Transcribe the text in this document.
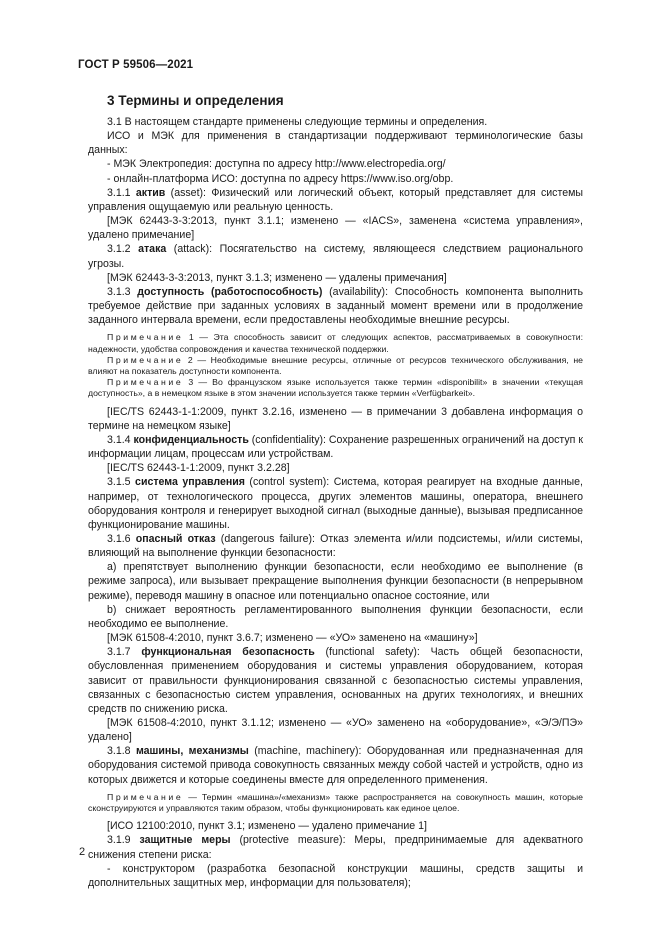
ГОСТ Р 59506—2021
3 Термины и определения

3.1 В настоящем стандарте применены следующие термины и определения.

ИСО и МЭК для применения в стандартизации поддерживают терминологические базы данных:

- МЭК Электропедия: доступна по адресу http://www.electropedia.org/

- онлайн-платформа ИСО: доступна по адресу https://www.iso.org/obp.

3.1.1 актив (asset): Физический или логический объект, который представляет для системы управления ощущаемую или реальную ценность.

[МЭК 62443-3-3:2013, пункт 3.1.1; изменено — «IACS», заменена «система управления», удалено примечание]

3.1.2 атака (attack): Посягательство на систему, являющееся следствием рационального угрозы.

[МЭК 62443-3-3:2013, пункт 3.1.3; изменено — удалены примечания]

3.1.3 доступность (работоспособность) (availability): Способность компонента выполнить требуемое действие при заданных условиях в заданный момент времени или в продолжение заданного интервала времени, если предоставлены необходимые внешние ресурсы.

Примечание 1 — Эта способность зависит от следующих аспектов, рассматриваемых в совокупности: надежности, удобства сопровождения и качества технической поддержки.

Примечание 2 — Необходимые внешние ресурсы, отличные от ресурсов технического обслуживания, не влияют на показатель доступности компонента.

Примечание 3 — Во французском языке используется также термин «disponibilit» в значении «текущая доступность», а в немецком языке в этом значении используется также термин «Verfügbarkeit».

[IEC/TS 62443-1-1:2009, пункт 3.2.16, изменено — в примечании 3 добавлена информация о термине на немецком языке]

3.1.4 конфиденциальность (confidentiality): Сохранение разрешенных ограничений на доступ к информации лицам, процессам или устройствам.

[IEC/TS 62443-1-1:2009, пункт 3.2.28]

3.1.5 система управления (control system): Система, которая реагирует на входные данные, например, от технологического процесса, других элементов машины, оператора, внешнего оборудования контроля и генерирует выходной сигнал (выходные данные), вызывая предписанное функционирование машины.

3.1.6 опасный отказ (dangerous failure): Отказ элемента и/или подсистемы, и/или системы, влияющий на выполнение функции безопасности:

а) препятствует выполнению функции безопасности, если необходимо ее выполнение (в режиме запроса), или вызывает прекращение выполнения функции безопасности (в непрерывном режиме), переводя машину в опасное или потенциально опасное состояние, или

b) снижает вероятность регламентированного выполнения функции безопасности, если необходимо ее выполнение.

[МЭК 61508-4:2010, пункт 3.6.7; изменено — «УО» заменено на «машину»]

3.1.7 функциональная безопасность (functional safety): Часть общей безопасности, обусловленная применением оборудования и системы управления оборудованием, которая зависит от правильности функционирования связанной с безопасностью системы управления, связанных с безопасностью систем управления, основанных на других технологиях, и внешних средств по снижению риска.

[МЭК 61508-4:2010, пункт 3.1.12; изменено — «УО» заменено на «оборудование», «Э/Э/ПЭ» удалено]

3.1.8 машины, механизмы (machine, machinery): Оборудованная или предназначенная для оборудования системой привода совокупность связанных между собой частей и устройств, одно из которых движется и которые соединены вместе для определенного применения.

Примечание — Термин «машина»/«механизм» также распространяется на совокупность машин, которые сконструируются и управляются таким образом, чтобы функционировать как единое целое.

[ИСО 12100:2010, пункт 3.1; изменено — удалено примечание 1]

3.1.9 защитные меры (protective measure): Меры, предпринимаемые для адекватного снижения степени риска:

- конструктором (разработка безопасной конструкции машины, средств защиты и дополнительных защитных мер, информации для пользователя);

2
